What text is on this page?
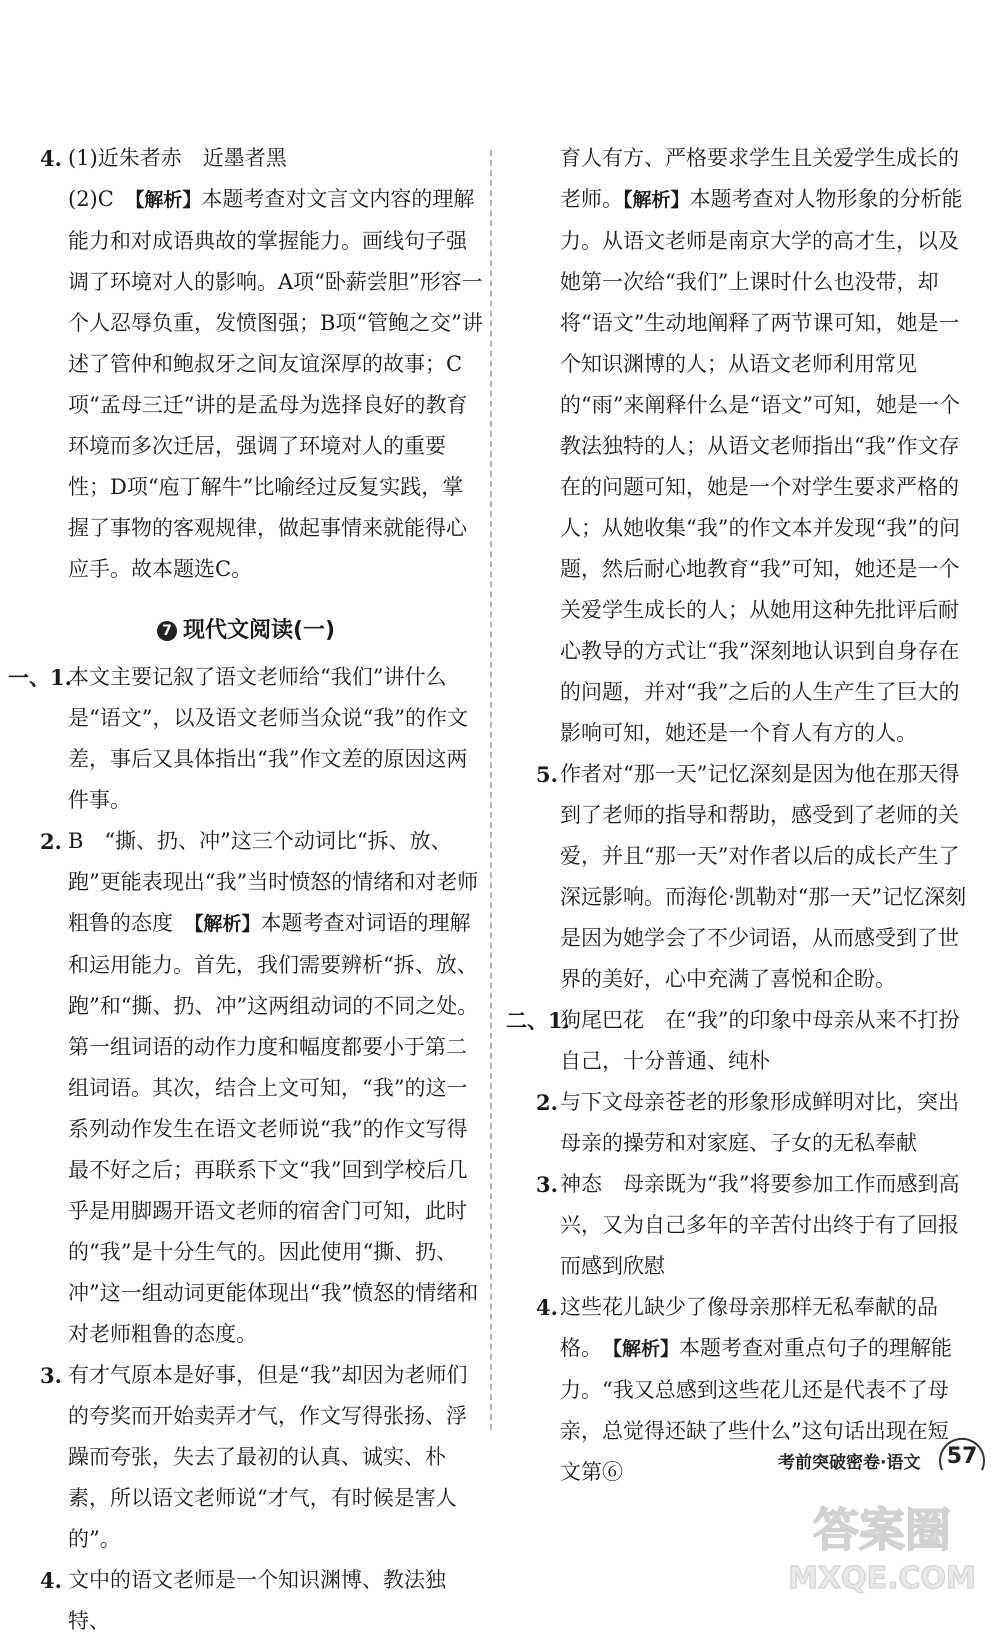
4. (1)近朱者赤　近墨者黑
(2)C　【解析】本题考查对文言文内容的理解能力和对成语典故的掌握能力。画线句子强调了环境对人的影响。A项“卧薪尝胆”形容一个人忍辱负重，发愤图强；B项“管鲍之交”讲述了管仲和鲍叔牙之间友谊深厚的故事；C项“孟母三迁”讲的是孟母为选择良好的教育环境而多次迁居，强调了环境对人的重要性；D项“庖丁解牛”比喻经过反复实践，掌握了事物的客观规律，做起事情来就能得心应手。故本题选C。
7 现代文阅读(一)
一、1.
本文主要记叙了语文老师给“我们”讲什么是“语文”，以及语文老师当众说“我”的作文差，事后又具体指出“我”作文差的原因这两件事。
2. B　“撕、扔、冲”这三个动词比“拆、放、跑”更能表现出“我”当时愤怒的情绪和对老师粗鲁的态度　【解析】本题考查对词语的理解和运用能力。首先，我们需要辨析“拆、放、跑”和“撕、扔、冲”这两组动词的不同之处。第一组词语的动作力度和幅度都要小于第二组词语。其次，结合上文可知，“我”的这一系列动作发生在语文老师说“我”的作文写得最不好之后；再联系下文“我”回到学校后几乎是用脚踢开语文老师的宿舍门可知，此时的“我”是十分生气的。因此使用“撕、扔、冲”这一组动词更能体现出“我”愤怒的情绪和对老师粗鲁的态度。
3. 有才气原本是好事，但是“我”却因为老师们的夸奖而开始卖弄才气，作文写得张扬、浮躁而夸张，失去了最初的认真、诚实、朴素，所以语文老师说“才气，有时候是害人的”。
4. 文中的语文老师是一个知识渊博、教法独特、
育人有方、严格要求学生且关爱学生成长的老师。【解析】本题考查对人物形象的分析能力。从语文老师是南京大学的高才生，以及她第一次给“我们”上课时什么也没带，却将“语文”生动地阐释了两节课可知，她是一个知识渊博的人；从语文老师利用常见的“雨”来阐释什么是“语文”可知，她是一个教法独特的人；从语文老师指出“我”作文存在的问题可知，她是一个对学生要求严格的人；从她收集“我”的作文本并发现“我”的问题，然后耐心地教育“我”可知，她还是一个关爱学生成长的人；从她用这种先批评后耐心教导的方式让“我”深刻地认识到自身存在的问题，并对“我”之后的人生产生了巨大的影响可知，她还是一个育人有方的人。
5. 作者对“那一天”记忆深刻是因为他在那天得到了老师的指导和帮助，感受到了老师的关爱，并且“那一天”对作者以后的成长产生了深远影响。而海伦·凯勒对“那一天”记忆深刻是因为她学会了不少词语，从而感受到了世界的美好，心中充满了喜悦和企盼。
二、1.
狗尾巴花　在“我”的印象中母亲从来不打扮自己，十分普通、纯朴
2. 与下文母亲苍老的形象形成鲜明对比，突出母亲的操劳和对家庭、子女的无私奉献
3. 神态　母亲既为“我”将要参加工作而感到高兴，又为自己多年的辛苦付出终于有了回报而感到欣慰
4. 这些花儿缺少了像母亲那样无私奉献的品格。　【解析】本题考查对重点句子的理解能力。“我又总感到这些花儿还是代表不了母亲，总觉得还缺了些什么”这句话出现在短文第⑥	考前突破密卷·语文	57
答案圈
MXQE.COM
